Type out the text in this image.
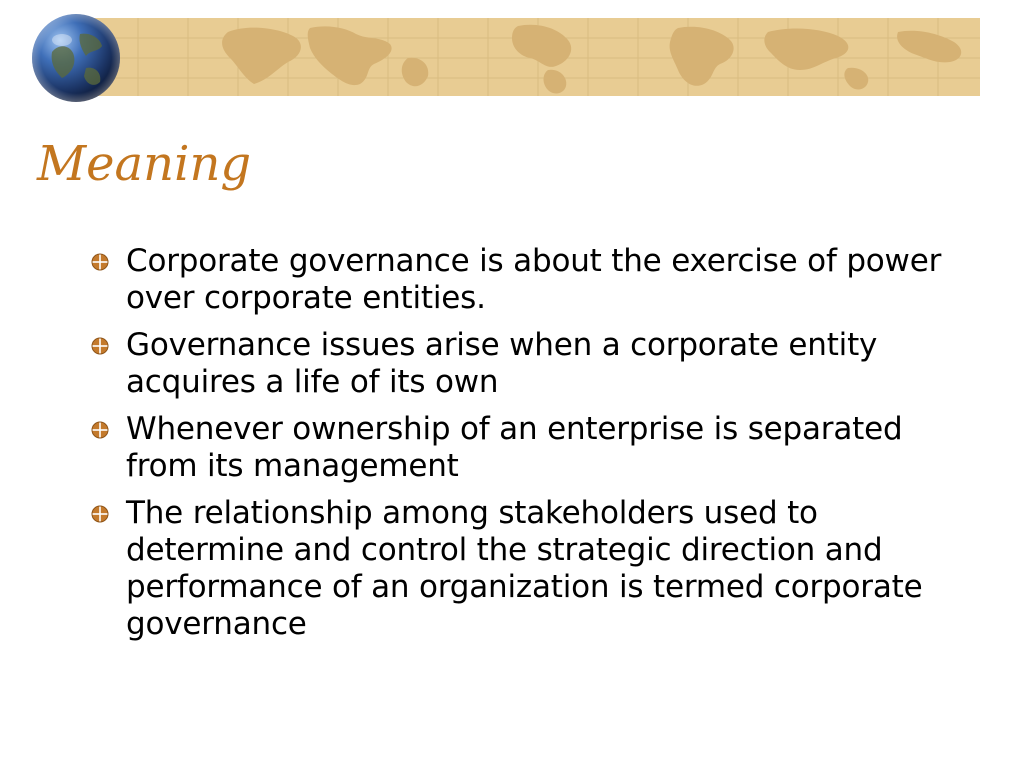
Meaning
Corporate governance is about the exercise of power over corporate entities.
Governance issues arise when a corporate entity acquires a life of its own
Whenever ownership of an enterprise is separated from its management
The relationship among stakeholders used to determine and control the strategic direction and performance of an organization is termed corporate governance
